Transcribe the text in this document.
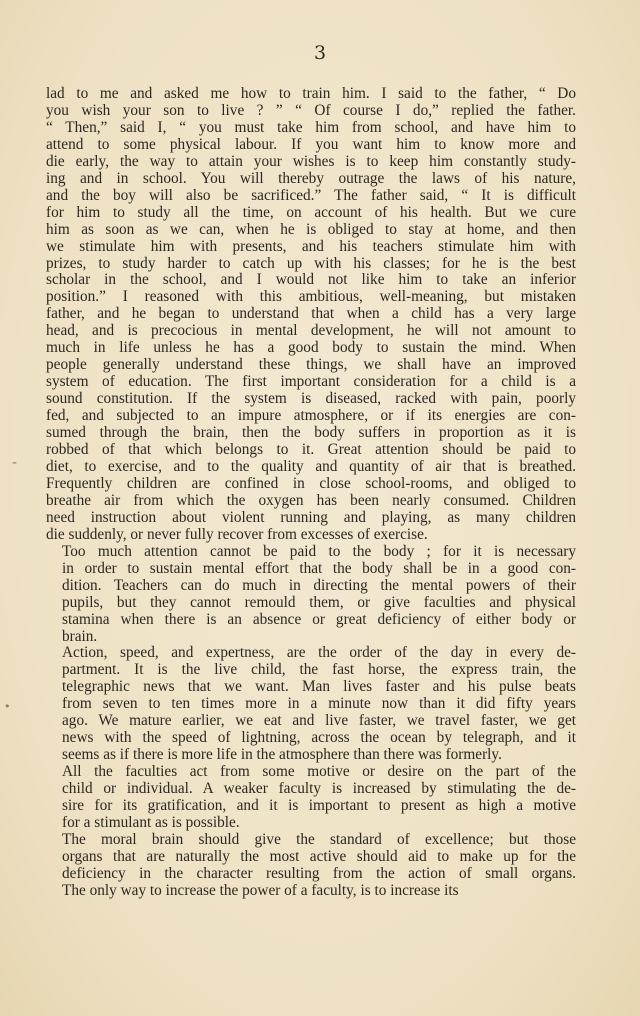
3
lad to me and asked me how to train him. I said to the father, “ Do
you wish your son to live ? ” “ Of course I do,” replied the father.
“ Then,” said I, “ you must take him from school, and have him to
attend to some physical labour. If you want him to know more and
die early, the way to attain your wishes is to keep him constantly study-
ing and in school. You will thereby outrage the laws of his nature,
and the boy will also be sacrificed.” The father said, “ It is difficult
for him to study all the time, on account of his health. But we cure
him as soon as we can, when he is obliged to stay at home, and then
we stimulate him with presents, and his teachers stimulate him with
prizes, to study harder to catch up with his classes; for he is the best
scholar in the school, and I would not like him to take an inferior
position.” I reasoned with this ambitious, well-meaning, but mistaken
father, and he began to understand that when a child has a very large
head, and is precocious in mental development, he will not amount to
much in life unless he has a good body to sustain the mind. When
people generally understand these things, we shall have an improved
system of education. The first important consideration for a child is a
sound constitution. If the system is diseased, racked with pain, poorly
fed, and subjected to an impure atmosphere, or if its energies are con-
sumed through the brain, then the body suffers in proportion as it is
robbed of that which belongs to it. Great attention should be paid to
diet, to exercise, and to the quality and quantity of air that is breathed.
Frequently children are confined in close school-rooms, and obliged to
breathe air from which the oxygen has been nearly consumed. Children
need instruction about violent running and playing, as many children
die suddenly, or never fully recover from excesses of exercise.
Too much attention cannot be paid to the body ; for it is necessary
in order to sustain mental effort that the body shall be in a good con-
dition. Teachers can do much in directing the mental powers of their
pupils, but they cannot remould them, or give faculties and physical
stamina when there is an absence or great deficiency of either body or
brain.
Action, speed, and expertness, are the order of the day in every de-
partment. It is the live child, the fast horse, the express train, the
telegraphic news that we want. Man lives faster and his pulse beats
from seven to ten times more in a minute now than it did fifty years
ago. We mature earlier, we eat and live faster, we travel faster, we get
news with the speed of lightning, across the ocean by telegraph, and it
seems as if there is more life in the atmosphere than there was formerly.
All the faculties act from some motive or desire on the part of the
child or individual. A weaker faculty is increased by stimulating the de-
sire for its gratification, and it is important to present as high a motive
for a stimulant as is possible.
The moral brain should give the standard of excellence; but those
organs that are naturally the most active should aid to make up for the
deficiency in the character resulting from the action of small organs.
The only way to increase the power of a faculty, is to increase its
-
•
